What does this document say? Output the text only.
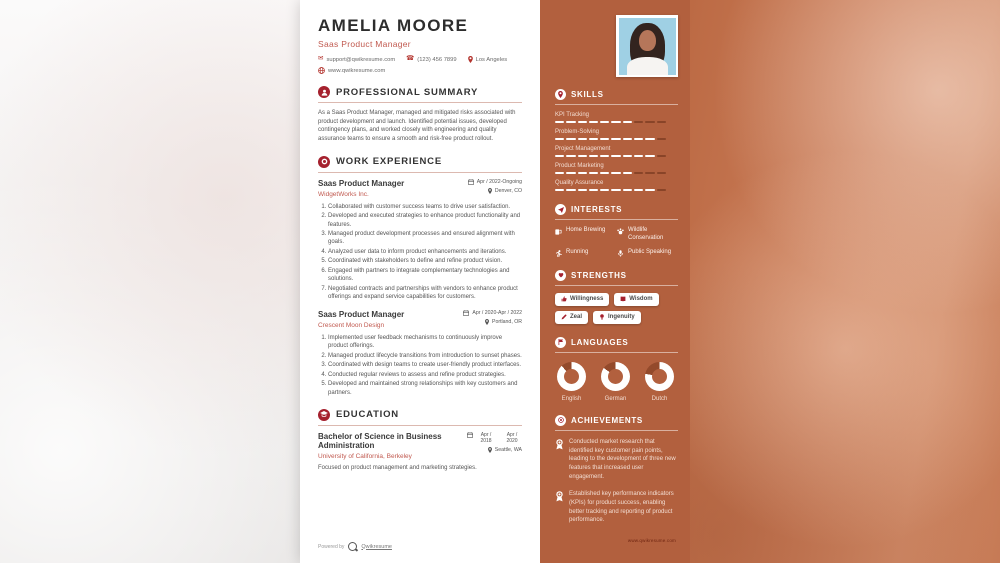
AMELIA MOORE
Saas Product Manager
✉ support@qwikresume.com ☎ (123) 456 7899	Los Angeles
www.qwikresume.com
PROFESSIONAL SUMMARY

As a Saas Product Manager, managed and mitigated risks associated with product development and launch. Identified potential issues, developed contingency plans, and worked closely with engineering and quality assurance teams to ensure a smooth and risk-free product rollout.

WORK EXPERIENCE
Saas Product Manager
WidgetWorks Inc.
Apr / 2022-Ongoing
Denver, CO
1. Collaborated with customer success teams to drive user satisfaction.
2. Developed and executed strategies to enhance product functionality and features.
3. Managed product development processes and ensured alignment with goals.
4. Analyzed user data to inform product enhancements and iterations.
5. Coordinated with stakeholders to define and refine product vision.
6. Engaged with partners to integrate complementary technologies and solutions.
7. Negotiated contracts and partnerships with vendors to enhance product offerings and expand service capabilities for customers.
Saas Product Manager
Crescent Moon Design
Apr / 2020-Apr / 2022
Portland, OR
1. Implemented user feedback mechanisms to continuously improve product offerings.
2. Managed product lifecycle transitions from introduction to sunset phases.
3. Coordinated with design teams to create user-friendly product interfaces.
4. Conducted regular reviews to assess and refine product strategies.
5. Developed and maintained strong relationships with key customers and partners.
EDUCATION
Bachelor of Science in Business Administration
University of California, Berkeley
Apr / 2018
Apr / 2020
Seattle, WA

Focused on product management and marketing strategies.

Powered by	Qwikresume
SKILLS
KPI Tracking
Problem-Solving
Project Management
Product Marketing
Quality Assurance
INTERESTS
Home Brewing	Wildlife Conservation
Running	Public Speaking
STRENGTHS
Willingness	Wisdom
Zeal	Ingenuity
LANGUAGES
English	German	Dutch
ACHIEVEMENTS
Conducted market research that identified key customer pain points, leading to the development of three new features that increased user engagement.
Established key performance indicators (KPIs) for product success, enabling better tracking and reporting of product performance.
www.qwikresume.com
